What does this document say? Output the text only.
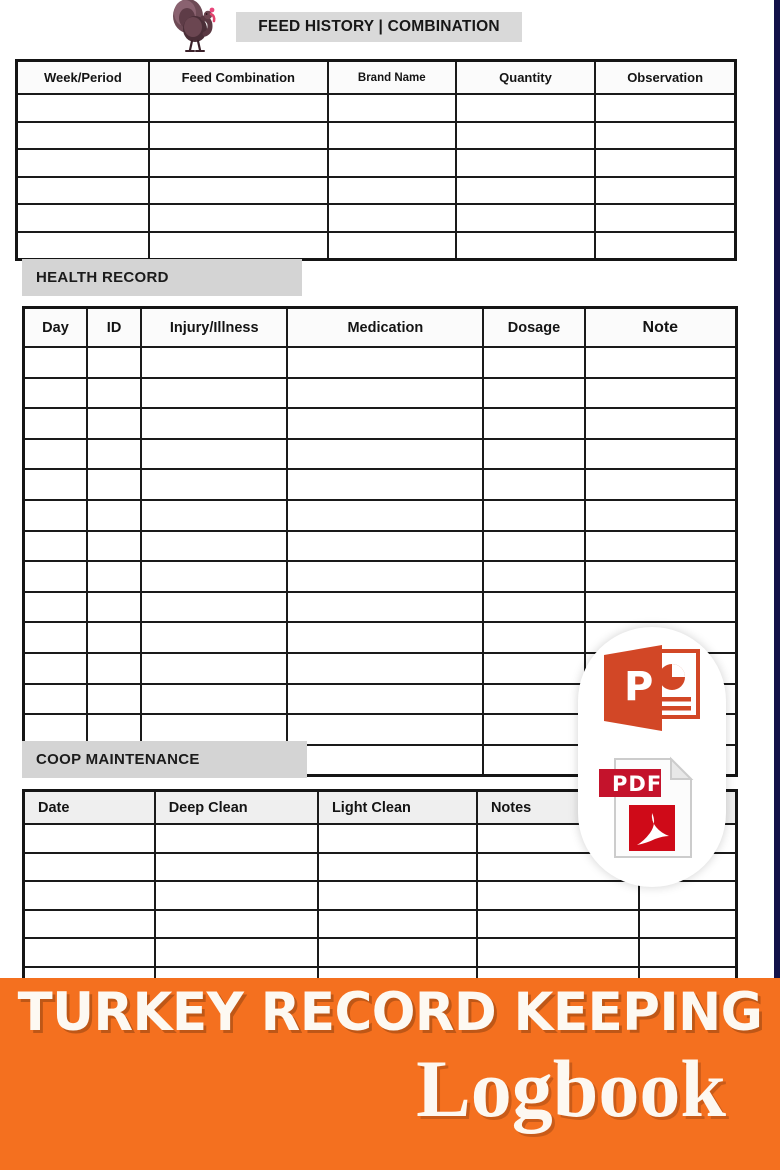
FEED HISTORY | COMBINATION
Week/Period	Feed Combination	Brand Name	Quantity	Observation

HEALTH RECORD
Day	ID	Injury/Illness	Medication	Dosage	Note

COOP MAINTENANCE
Date	Deep Clean	Light Clean	Notes	

P
PDF
TURKEY RECORD KEEPING
Logbook
